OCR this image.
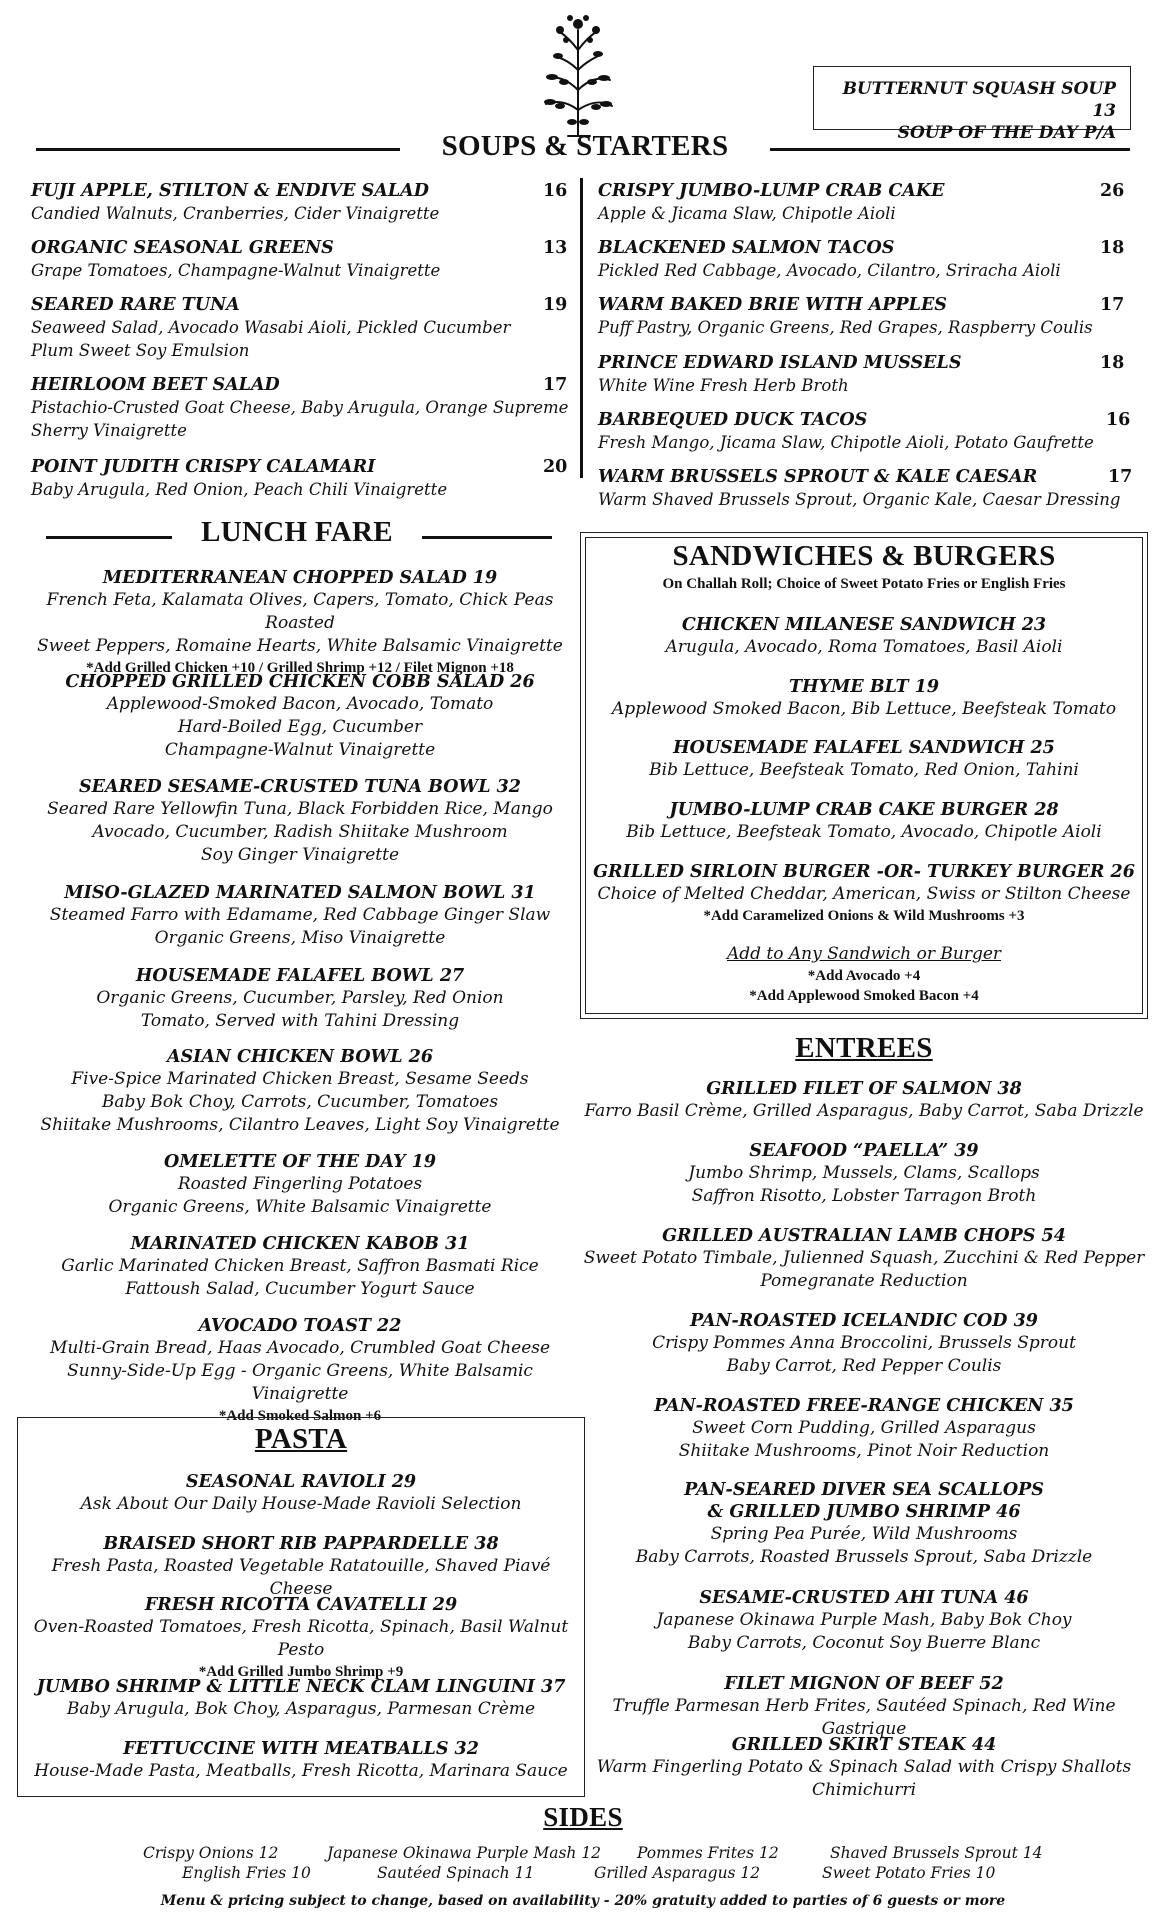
BUTTERNUT SQUASH SOUP 13
SOUP OF THE DAY P/A
SOUPS & STARTERS
FUJI APPLE, STILTON & ENDIVE SALAD	16
Candied Walnuts, Cranberries, Cider Vinaigrette
ORGANIC SEASONAL GREENS	13
Grape Tomatoes, Champagne-Walnut Vinaigrette
SEARED RARE TUNA	19
Seaweed Salad, Avocado Wasabi Aioli, Pickled Cucumber
Plum Sweet Soy Emulsion
HEIRLOOM BEET SALAD	17
Pistachio-Crusted Goat Cheese, Baby Arugula, Orange Supreme
Sherry Vinaigrette
POINT JUDITH CRISPY CALAMARI	20
Baby Arugula, Red Onion, Peach Chili Vinaigrette
CRISPY JUMBO-LUMP CRAB CAKE	26
Apple & Jicama Slaw, Chipotle Aioli
BLACKENED SALMON TACOS	18
Pickled Red Cabbage, Avocado, Cilantro, Sriracha Aioli
WARM BAKED BRIE WITH APPLES	17
Puff Pastry, Organic Greens, Red Grapes, Raspberry Coulis
PRINCE EDWARD ISLAND MUSSELS	18
White Wine Fresh Herb Broth
BARBEQUED DUCK TACOS	16
Fresh Mango, Jicama Slaw, Chipotle Aioli, Potato Gaufrette
WARM BRUSSELS SPROUT & KALE CAESAR	17
Warm Shaved Brussels Sprout, Organic Kale, Caesar Dressing
LUNCH FARE
MEDITERRANEAN CHOPPED SALAD 19
French Feta, Kalamata Olives, Capers, Tomato, Chick Peas Roasted
Sweet Peppers, Romaine Hearts, White Balsamic Vinaigrette
*Add Grilled Chicken +10 / Grilled Shrimp +12 / Filet Mignon +18
CHOPPED GRILLED CHICKEN COBB SALAD 26
Applewood-Smoked Bacon, Avocado, Tomato
Hard-Boiled Egg, Cucumber
Champagne-Walnut Vinaigrette
SEARED SESAME-CRUSTED TUNA BOWL 32
Seared Rare Yellowfin Tuna, Black Forbidden Rice, Mango
Avocado, Cucumber, Radish Shiitake Mushroom
Soy Ginger Vinaigrette
MISO-GLAZED MARINATED SALMON BOWL 31
Steamed Farro with Edamame, Red Cabbage Ginger Slaw
Organic Greens, Miso Vinaigrette
HOUSEMADE FALAFEL BOWL 27
Organic Greens, Cucumber, Parsley, Red Onion
Tomato, Served with Tahini Dressing
ASIAN CHICKEN BOWL 26
Five-Spice Marinated Chicken Breast, Sesame Seeds
Baby Bok Choy, Carrots, Cucumber, Tomatoes
Shiitake Mushrooms, Cilantro Leaves, Light Soy Vinaigrette
OMELETTE OF THE DAY 19
Roasted Fingerling Potatoes
Organic Greens, White Balsamic Vinaigrette
MARINATED CHICKEN KABOB 31
Garlic Marinated Chicken Breast, Saffron Basmati Rice
Fattoush Salad, Cucumber Yogurt Sauce
AVOCADO TOAST 22
Multi-Grain Bread, Haas Avocado, Crumbled Goat Cheese
Sunny-Side-Up Egg - Organic Greens, White Balsamic Vinaigrette
*Add Smoked Salmon +6
PASTA
SEASONAL RAVIOLI 29
Ask About Our Daily House-Made Ravioli Selection
BRAISED SHORT RIB PAPPARDELLE 38
Fresh Pasta, Roasted Vegetable Ratatouille, Shaved Piavé Cheese
FRESH RICOTTA CAVATELLI 29
Oven-Roasted Tomatoes, Fresh Ricotta, Spinach, Basil Walnut Pesto
*Add Grilled Jumbo Shrimp +9
JUMBO SHRIMP & LITTLE NECK CLAM LINGUINI 37
Baby Arugula, Bok Choy, Asparagus, Parmesan Crème
FETTUCCINE WITH MEATBALLS 32
House-Made Pasta, Meatballs, Fresh Ricotta, Marinara Sauce
SANDWICHES & BURGERS
On Challah Roll; Choice of Sweet Potato Fries or English Fries
CHICKEN MILANESE SANDWICH 23
Arugula, Avocado, Roma Tomatoes, Basil Aioli
THYME BLT 19
Applewood Smoked Bacon, Bib Lettuce, Beefsteak Tomato
HOUSEMADE FALAFEL SANDWICH 25
Bib Lettuce, Beefsteak Tomato, Red Onion, Tahini
JUMBO-LUMP CRAB CAKE BURGER 28
Bib Lettuce, Beefsteak Tomato, Avocado, Chipotle Aioli
GRILLED SIRLOIN BURGER -OR- TURKEY BURGER 26
Choice of Melted Cheddar, American, Swiss or Stilton Cheese
*Add Caramelized Onions & Wild Mushrooms +3
Add to Any Sandwich or Burger
*Add Avocado +4
*Add Applewood Smoked Bacon +4
ENTREES
GRILLED FILET OF SALMON 38
Farro Basil Crème, Grilled Asparagus, Baby Carrot, Saba Drizzle
SEAFOOD “PAELLA” 39
Jumbo Shrimp, Mussels, Clams, Scallops
Saffron Risotto, Lobster Tarragon Broth
GRILLED AUSTRALIAN LAMB CHOPS 54
Sweet Potato Timbale, Julienned Squash, Zucchini & Red Pepper
Pomegranate Reduction
PAN-ROASTED ICELANDIC COD 39
Crispy Pommes Anna Broccolini, Brussels Sprout
Baby Carrot, Red Pepper Coulis
PAN-ROASTED FREE-RANGE CHICKEN 35
Sweet Corn Pudding, Grilled Asparagus
Shiitake Mushrooms, Pinot Noir Reduction
PAN-SEARED DIVER SEA SCALLOPS
& GRILLED JUMBO SHRIMP 46
Spring Pea Purée, Wild Mushrooms
Baby Carrots, Roasted Brussels Sprout, Saba Drizzle
SESAME-CRUSTED AHI TUNA 46
Japanese Okinawa Purple Mash, Baby Bok Choy
Baby Carrots, Coconut Soy Buerre Blanc
FILET MIGNON OF BEEF 52
Truffle Parmesan Herb Frites, Sautéed Spinach, Red Wine Gastrique
GRILLED SKIRT STEAK 44
Warm Fingerling Potato & Spinach Salad with Crispy Shallots
Chimichurri
SIDES
Crispy Onions 12	Japanese Okinawa Purple Mash 12 Pommes Frites 12	Shaved Brussels Sprout 14
English Fries 10	Sautéed Spinach 11	Grilled Asparagus 12	Sweet Potato Fries 10
Menu & pricing subject to change, based on availability - 20% gratuity added to parties of 6 guests or more
